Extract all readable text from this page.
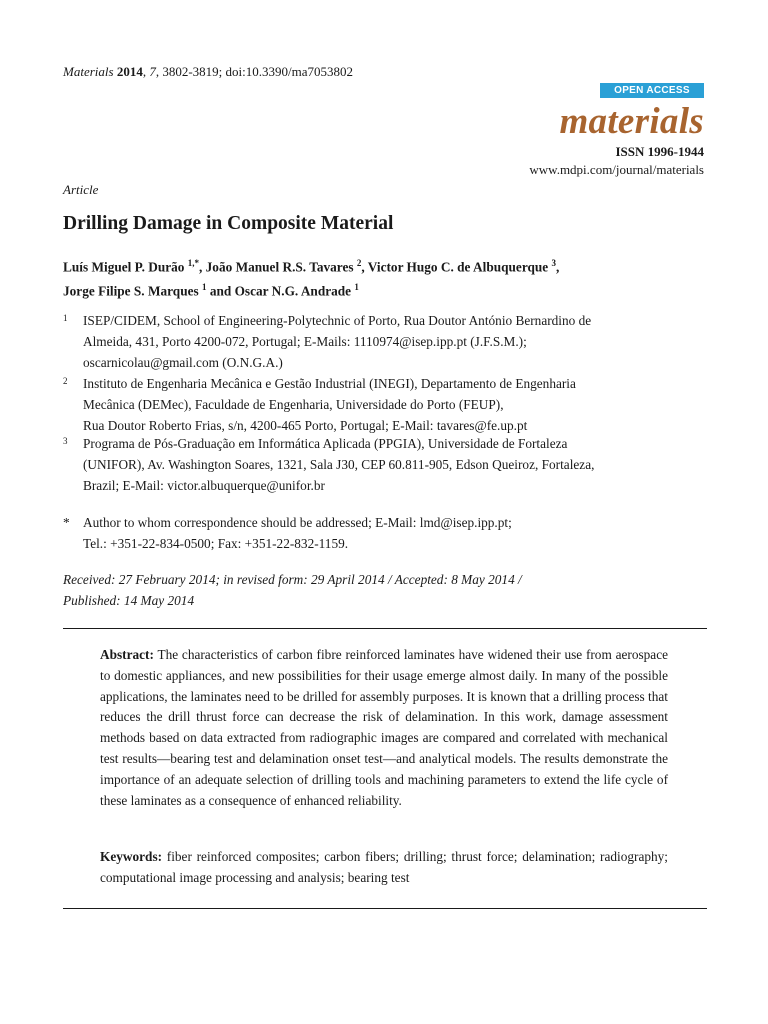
Materials 2014, 7, 3802-3819; doi:10.3390/ma7053802
OPEN ACCESS
materials
ISSN 1996-1944
www.mdpi.com/journal/materials
Article
Drilling Damage in Composite Material
Luís Miguel P. Durão $^{1,*}$, João Manuel R.S. Tavares $^2$, Victor Hugo C. de Albuquerque $^3$,
Jorge Filipe S. Marques $^1$ and Oscar N.G. Andrade $^1$
1 ISEP/CIDEM, School of Engineering-Polytechnic of Porto, Rua Doutor António Bernardino de
Almeida, 431, Porto 4200-072, Portugal; E-Mails: 1110974@isep.ipp.pt (J.F.S.M.);
oscarnicolau@gmail.com (O.N.G.A.)
2 Instituto de Engenharia Mecânica e Gestão Industrial (INEGI), Departamento de Engenharia
Mecânica (DEMec), Faculdade de Engenharia, Universidade do Porto (FEUP),
Rua Doutor Roberto Frias, s/n, 4200-465 Porto, Portugal; E-Mail: tavares@fe.up.pt
3 Programa de Pós-Graduação em Informática Aplicada (PPGIA), Universidade de Fortaleza
(UNIFOR), Av. Washington Soares, 1321, Sala J30, CEP 60.811-905, Edson Queiroz, Fortaleza,
Brazil; E-Mail: victor.albuquerque@unifor.br
* Author to whom correspondence should be addressed; E-Mail: lmd@isep.ipp.pt;
Tel.: +351-22-834-0500; Fax: +351-22-832-1159.
Received: 27 February 2014; in revised form: 29 April 2014 / Accepted: 8 May 2014 /
Published: 14 May 2014
Abstract: The characteristics of carbon fibre reinforced laminates have widened their use from aerospace to domestic appliances, and new possibilities for their usage emerge almost daily. In many of the possible applications, the laminates need to be drilled for assembly purposes. It is known that a drilling process that reduces the drill thrust force can decrease the risk of delamination. In this work, damage assessment methods based on data extracted from radiographic images are compared and correlated with mechanical test results—bearing test and delamination onset test—and analytical models. The results demonstrate the importance of an adequate selection of drilling tools and machining parameters to extend the life cycle of these laminates as a consequence of enhanced reliability.
Keywords: fiber reinforced composites; carbon fibers; drilling; thrust force; delamination; radiography; computational image processing and analysis; bearing test
